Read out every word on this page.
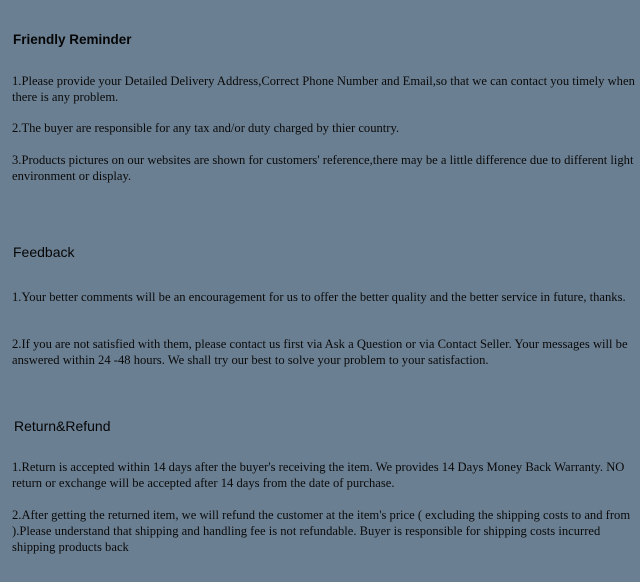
Friendly Reminder

1.Please provide your Detailed Delivery Address,Correct Phone Number and Email,so that we can contact you timely when there is any problem.

2.The buyer are responsible for any tax and/or duty charged by thier country.

3.Products pictures on our websites are shown for customers' reference,there may be a little difference due to different light environment or display.

Feedback

1.Your better comments will be an encouragement for us to offer the better quality and the better service in future, thanks.

2.If you are not satisfied with them, please contact us first via Ask a Question or via Contact Seller. Your messages will be answered within 24 -48 hours. We shall try our best to solve your problem to your satisfaction.

Return&Refund

1.Return is accepted within 14 days after the buyer's receiving the item. We provides 14 Days Money Back Warranty. NO return or exchange will be accepted after 14 days from the date of purchase.

2.After getting the returned item, we will refund the customer at the item's price ( excluding the shipping costs to and from ).Please understand that shipping and handling fee is not refundable. Buyer is responsible for shipping costs incurred shipping products back
